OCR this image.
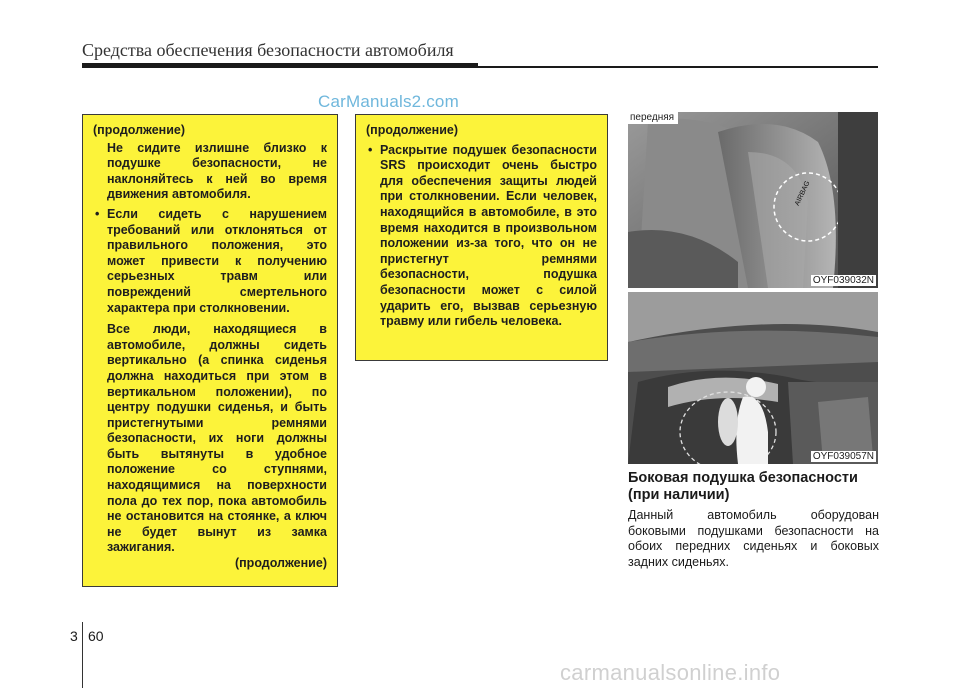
Средства обеспечения безопасности автомобиля
CarManuals2.com

(продолжение)

Не сидите излишне близко к подушке безопасности, не наклоняйтесь к ней во время движения автомобиля.

• Если сидеть с нарушением требований или отклоняться от правильного положения, это может привести к получению серьезных травм или повреждений смертельного характера при столкновении.

Все люди, находящиеся в автомобиле, должны сидеть вертикально (а спинка сиденья должна находиться при этом в вертикальном положении), по центру подушки сиденья, и быть пристегнутыми ремнями безопасности, их ноги должны быть вытянуты в удобное положение со ступнями, находящимися на поверхности пола до тех пор, пока автомобиль не остановится на стоянке, а ключ не будет вынут из замка зажигания.

(продолжение)

(продолжение)

• Раскрытие подушек безопасности SRS происходит очень быстро для обеспечения защиты людей при столкновении. Если человек, находящийся в автомобиле, в это время находится в произвольном положении из-за того, что он не пристегнут ремнями безопасности, подушка безопасности может с силой ударить его, вызвав серьезную травму или гибель человека.

передняя
AIRBAG
OYF039032N
OYF039057N
Боковая подушка безопасности (при наличии)
Данный автомобиль оборудован боковыми подушками безопасности на обоих передних сиденьях и боковых задних сиденьях.
3 60
carmanualsonline.info
